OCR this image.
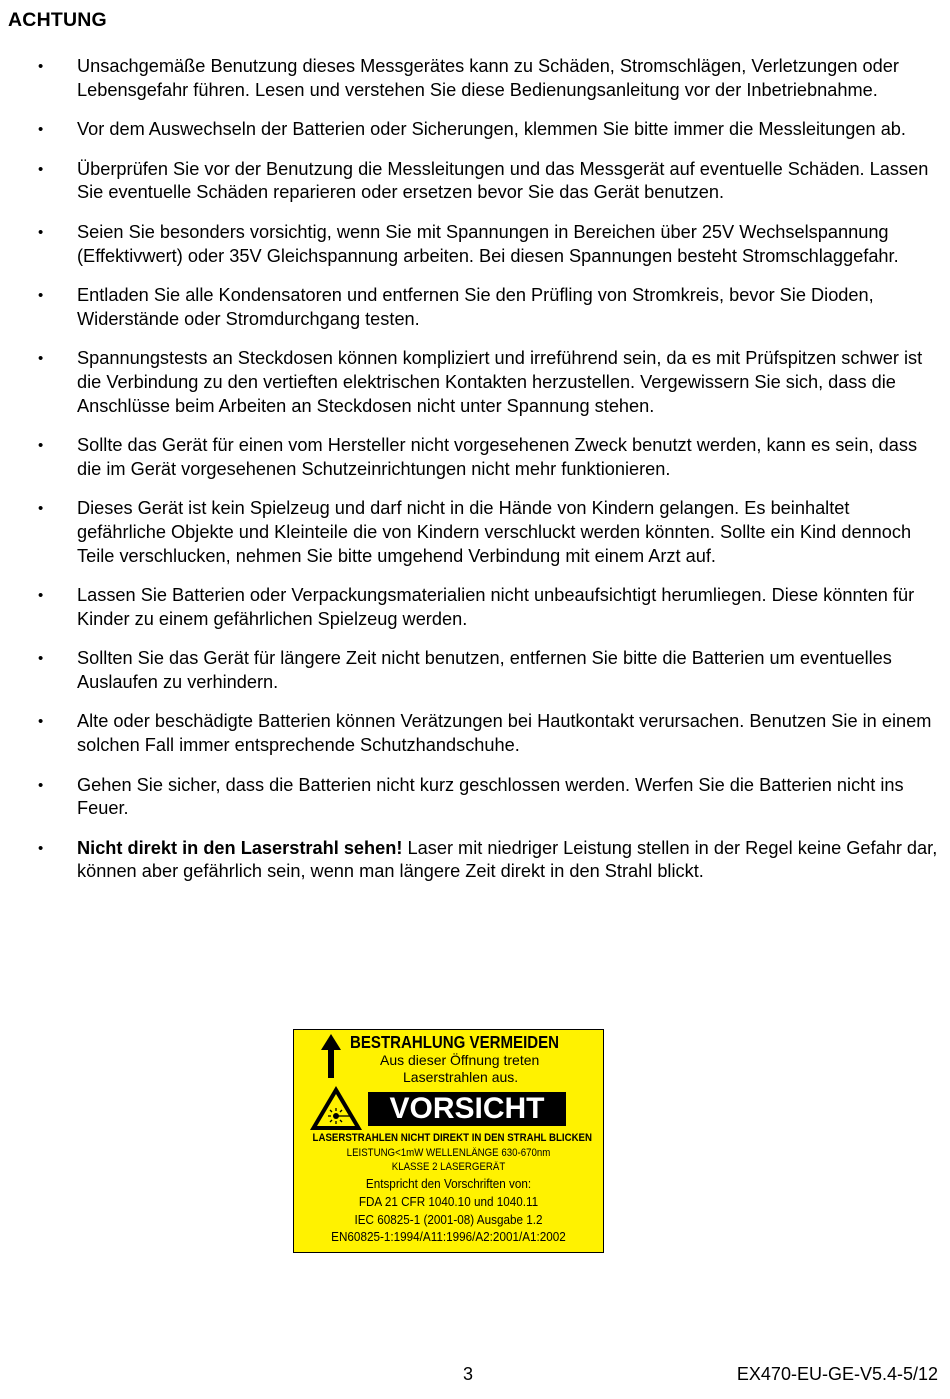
ACHTUNG
• Unsachgemäße Benutzung dieses Messgerätes kann zu Schäden, Stromschlägen, Verletzungen oder Lebensgefahr führen. Lesen und verstehen Sie diese Bedienungsanleitung vor der Inbetriebnahme.
• Vor dem Auswechseln der Batterien oder Sicherungen, klemmen Sie bitte immer die Messleitungen ab.
• Überprüfen Sie vor der Benutzung die Messleitungen und das Messgerät auf eventuelle Schäden. Lassen Sie eventuelle Schäden reparieren oder ersetzen bevor Sie das Gerät benutzen.
• Seien Sie besonders vorsichtig, wenn Sie mit Spannungen in Bereichen über 25V Wechselspannung (Effektivwert) oder 35V Gleichspannung arbeiten. Bei diesen Spannungen besteht Stromschlaggefahr.
• Entladen Sie alle Kondensatoren und entfernen Sie den Prüfling von Stromkreis, bevor Sie Dioden, Widerstände oder Stromdurchgang testen.
• Spannungstests an Steckdosen können kompliziert und irreführend sein, da es mit Prüfspitzen schwer ist die Verbindung zu den vertieften elektrischen Kontakten herzustellen. Vergewissern Sie sich, dass die Anschlüsse beim Arbeiten an Steckdosen nicht unter Spannung stehen.
• Sollte das Gerät für einen vom Hersteller nicht vorgesehenen Zweck benutzt werden, kann es sein, dass die im Gerät vorgesehenen Schutzeinrichtungen nicht mehr funktionieren.
• Dieses Gerät ist kein Spielzeug und darf nicht in die Hände von Kindern gelangen. Es beinhaltet gefährliche Objekte und Kleinteile die von Kindern verschluckt werden könnten. Sollte ein Kind dennoch Teile verschlucken, nehmen Sie bitte umgehend Verbindung mit einem Arzt auf.
• Lassen Sie Batterien oder Verpackungsmaterialien nicht unbeaufsichtigt herumliegen. Diese könnten für Kinder zu einem gefährlichen Spielzeug werden.
• Sollten Sie das Gerät für längere Zeit nicht benutzen, entfernen Sie bitte die Batterien um eventuelles Auslaufen zu verhindern.
• Alte oder beschädigte Batterien können Verätzungen bei Hautkontakt verursachen. Benutzen Sie in einem solchen Fall immer entsprechende Schutzhandschuhe.
• Gehen Sie sicher, dass die Batterien nicht kurz geschlossen werden. Werfen Sie die Batterien nicht ins Feuer.
• Nicht direkt in den Laserstrahl sehen! Laser mit niedriger Leistung stellen in der Regel keine Gefahr dar, können aber gefährlich sein, wenn man längere Zeit direkt in den Strahl blickt.
BESTRAHLUNG VERMEIDEN
Aus dieser Öffnung treten
Laserstrahlen aus.
VORSICHT
LASERSTRAHLEN NICHT DIREKT IN DEN STRAHL BLICKEN
LEISTUNG<1mW WELLENLÄNGE 630-670nm
KLASSE 2 LASERGERÄT
Entspricht den Vorschriften von:
FDA 21 CFR 1040.10 und 1040.11
IEC 60825-1 (2001-08) Ausgabe 1.2
EN60825-1:1994/A11:1996/A2:2001/A1:2002
3	EX470-EU-GE-V5.4-5/12
